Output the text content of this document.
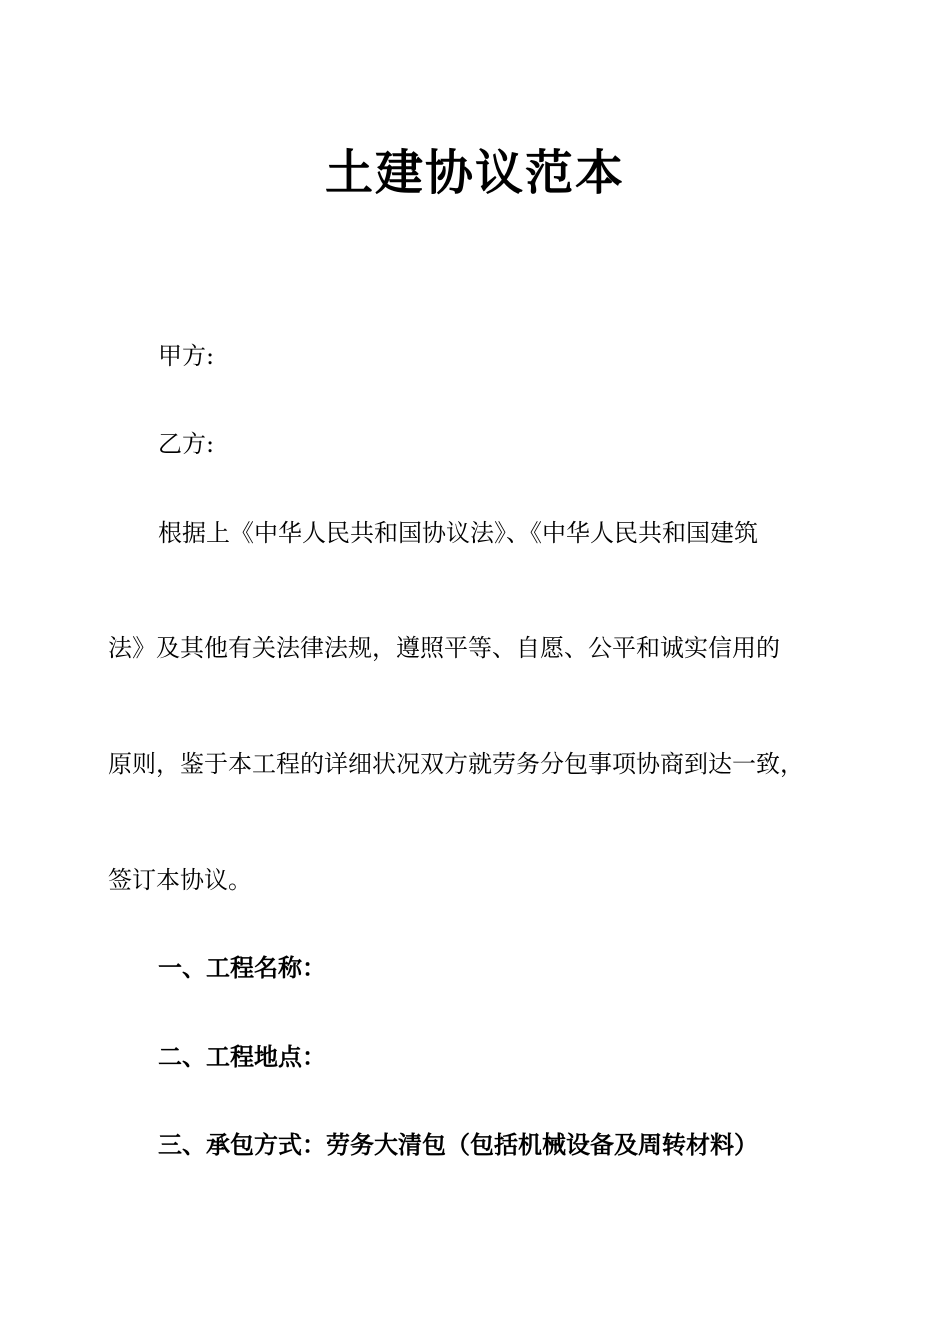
土建协议范本
甲方:
乙方:
根据上《中华人民共和国协议法》、《中华人民共和国建筑
法》及其他有关法律法规，遵照平等、自愿、公平和诚实信用的
原则，鉴于本工程的详细状况双方就劳务分包事项协商到达一致，
签订本协议。
一、工程名称：
二、工程地点：
三、承包方式：劳务大清包（包括机械设备及周转材料）
